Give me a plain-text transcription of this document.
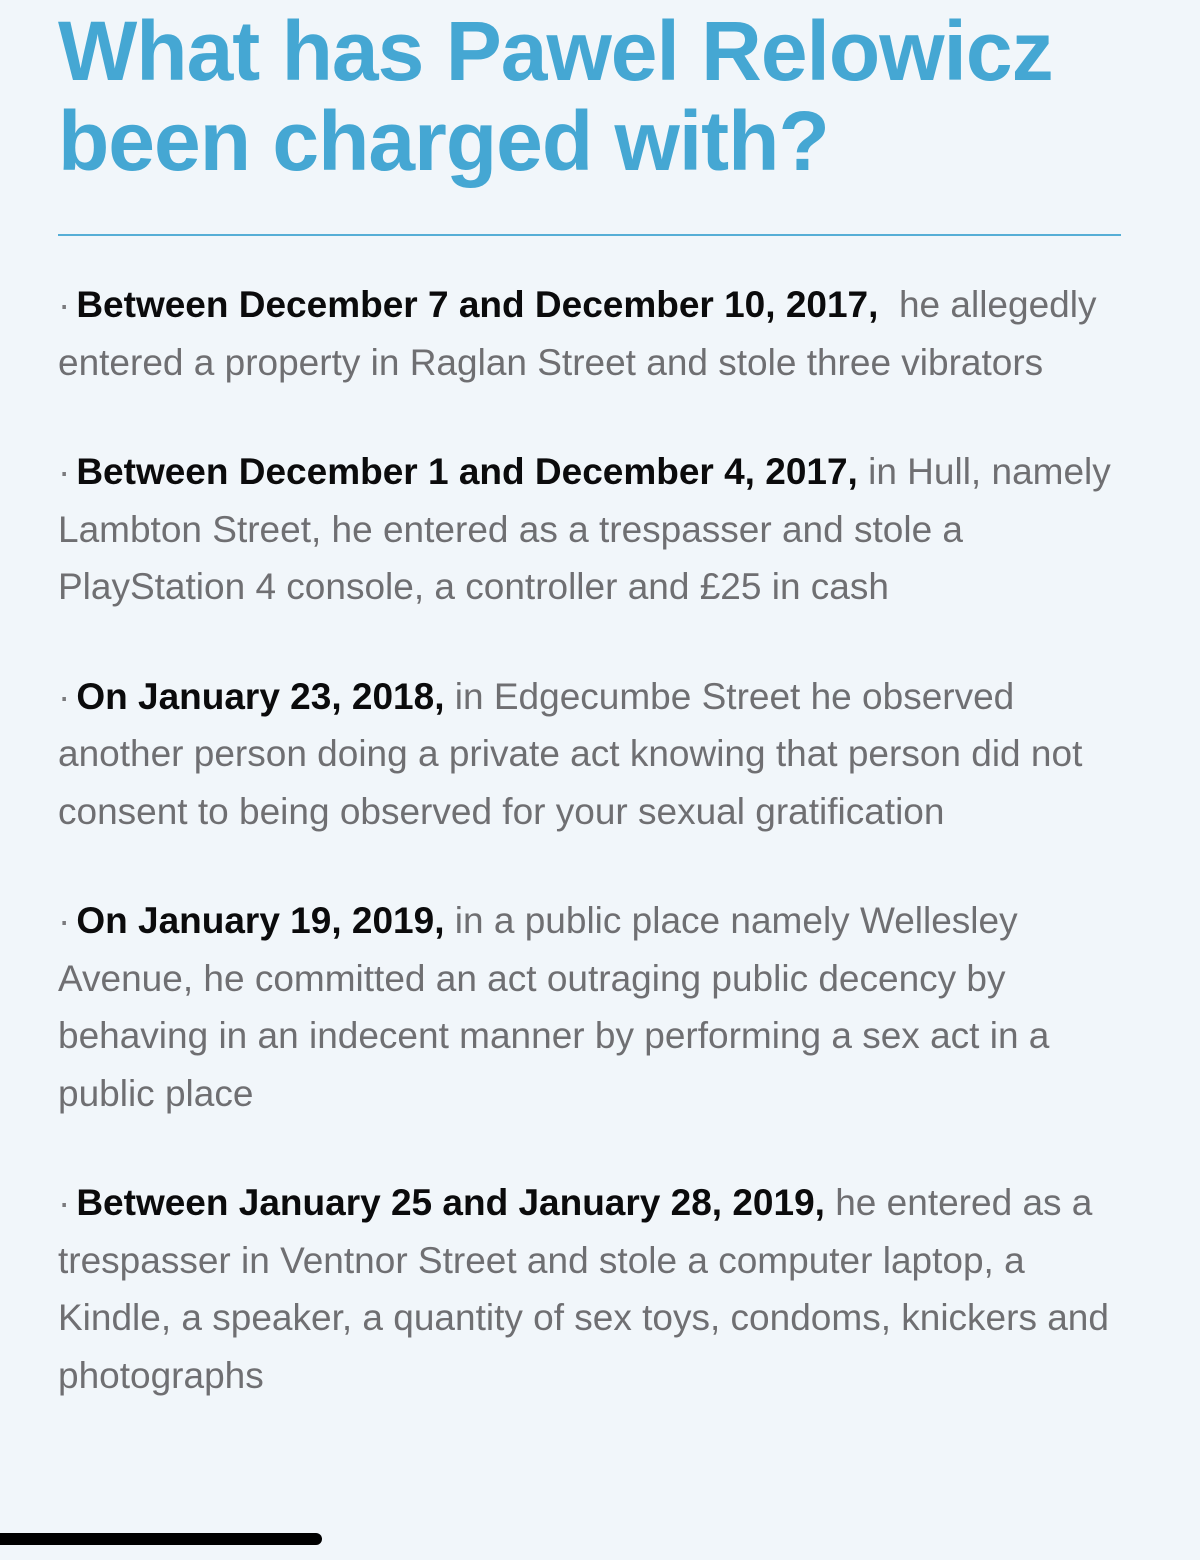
What has Pawel Relowicz been charged with?
· Between December 7 and December 10, 2017, he allegedly entered a property in Raglan Street and stole three vibrators
· Between December 1 and December 4, 2017, in Hull, namely Lambton Street, he entered as a trespasser and stole a PlayStation 4 console, a controller and £25 in cash
· On January 23, 2018, in Edgecumbe Street he observed another person doing a private act knowing that person did not consent to being observed for your sexual gratification
· On January 19, 2019, in a public place namely Wellesley Avenue, he committed an act outraging public decency by behaving in an indecent manner by performing a sex act in a public place
· Between January 25 and January 28, 2019, he entered as a trespasser in Ventnor Street and stole a computer laptop, a Kindle, a speaker, a quantity of sex toys, condoms, knickers and photographs
